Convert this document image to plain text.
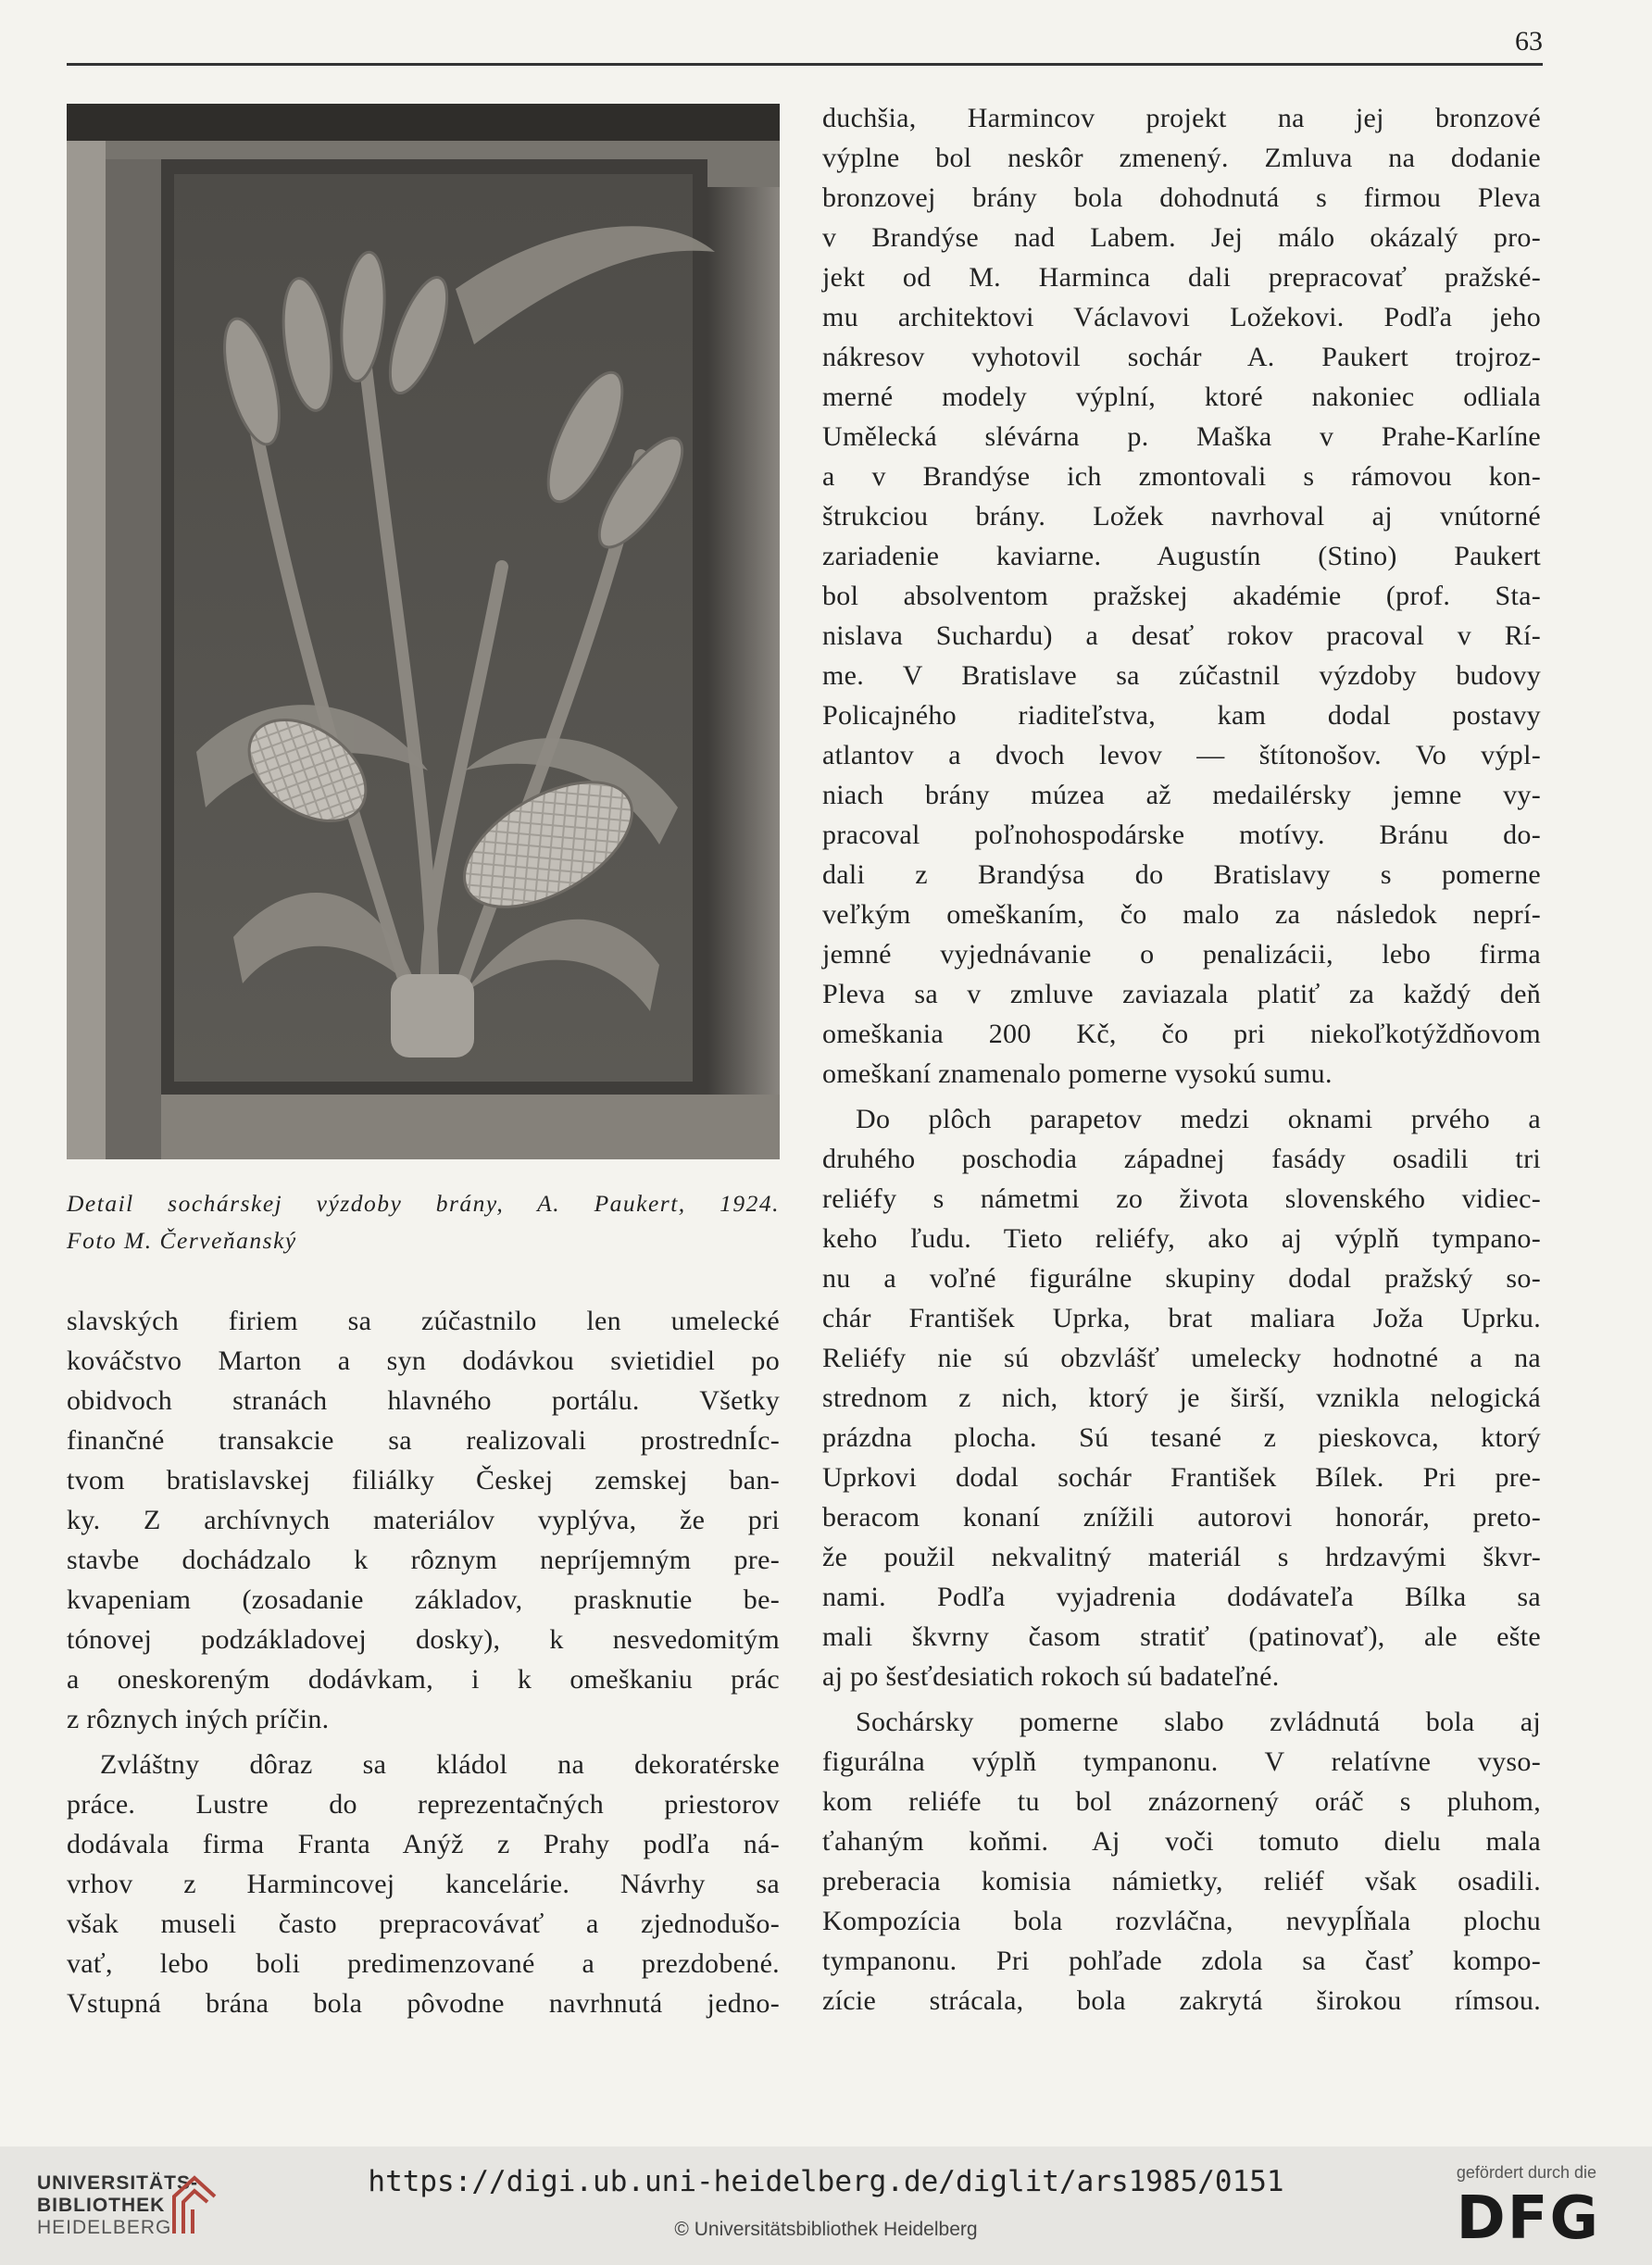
63

Detail sochárskej výzdoby brány, A. Paukert, 1924.

Foto M. Červeňanský

slavských firiem sa zúčastnilo len umelecké
kováčstvo Marton a syn dodávkou svietidiel po
obidvoch stranách hlavného portálu. Všetky
finančné transakcie sa realizovali prostrednÍc-
tvom bratislavskej filiálky Českej zemskej ban-
ky. Z archívnych materiálov vyplýva, že pri
stavbe dochádzalo k rôznym nepríjemným pre-
kvapeniam (zosadanie základov, prasknutie be-
tónovej podzákladovej dosky), k nesvedomitým
a oneskoreným dodávkam, i k omeškaniu prác
z rôznych iných príčin.

Zvláštny dôraz sa kládol na dekoratérske
práce. Lustre do reprezentačných priestorov
dodávala firma Franta Anýž z Prahy podľa ná-
vrhov z Harmincovej kancelárie. Návrhy sa
však museli často prepracovávať a zjednodušo-
vať, lebo boli predimenzované a prezdobené.
Vstupná brána bola pôvodne navrhnutá jedno-

duchšia, Harmincov projekt na jej bronzové
výplne bol neskôr zmenený. Zmluva na dodanie
bronzovej brány bola dohodnutá s firmou Pleva
v Brandýse nad Labem. Jej málo okázalý pro-
jekt od M. Harminca dali prepracovať pražské-
mu architektovi Václavovi Ložekovi. Podľa jeho
nákresov vyhotovil sochár A. Paukert trojroz-
merné modely výplní, ktoré nakoniec odliala
Umělecká slévárna p. Maška v Prahe-Karlíne
a v Brandýse ich zmontovali s rámovou kon-
štrukciou brány. Ložek navrhoval aj vnútorné
zariadenie kaviarne. Augustín (Stino) Paukert
bol absolventom pražskej akadémie (prof. Sta-
nislava Suchardu) a desať rokov pracoval v Rí-
me. V Bratislave sa zúčastnil výzdoby budovy
Policajného riaditeľstva, kam dodal postavy
atlantov a dvoch levov — štítonošov. Vo výpl-
niach brány múzea až medailérsky jemne vy-
pracoval poľnohospodárske motívy. Bránu do-
dali z Brandýsa do Bratislavy s pomerne
veľkým omeškaním, čo malo za následok neprí-
jemné vyjednávanie o penalizácii, lebo firma
Pleva sa v zmluve zaviazala platiť za každý deň
omeškania 200 Kč, čo pri niekoľkotýždňovom
omeškaní znamenalo pomerne vysokú sumu.

Do plôch parapetov medzi oknami prvého a
druhého poschodia západnej fasády osadili tri
reliéfy s námetmi zo života slovenského vidiec-
keho ľudu. Tieto reliéfy, ako aj výplň tympano-
nu a voľné figurálne skupiny dodal pražský so-
chár František Uprka, brat maliara Joža Uprku.
Reliéfy nie sú obzvlášť umelecky hodnotné a na
strednom z nich, ktorý je širší, vznikla nelogická
prázdna plocha. Sú tesané z pieskovca, ktorý
Uprkovi dodal sochár František Bílek. Pri pre-
beracom konaní znížili autorovi honorár, preto-
že použil nekvalitný materiál s hrdzavými škvr-
nami. Podľa vyjadrenia dodávateľa Bílka sa
mali škvrny časom stratiť (patinovať), ale ešte
aj po šesťdesiatich rokoch sú badateľné.

Sochársky pomerne slabo zvládnutá bola aj
figurálna výplň tympanonu. V relatívne vyso-
kom reliéfe tu bol znázornený oráč s pluhom,
ťahaným koňmi. Aj voči tomuto dielu mala
preberacia komisia námietky, reliéf však osadili.
Kompozícia bola rozvláčna, nevypĺňala plochu
tympanonu. Pri pohľade zdola sa časť kompo-
zície strácala, bola zakrytá širokou rímsou.

UNIVERSITÄTS-
BIBLIOTHEK
HEIDELBERG
https://digi.ub.uni-heidelberg.de/diglit/ars1985/0151
© Universitätsbibliothek Heidelberg
gefördert durch die
DFG
